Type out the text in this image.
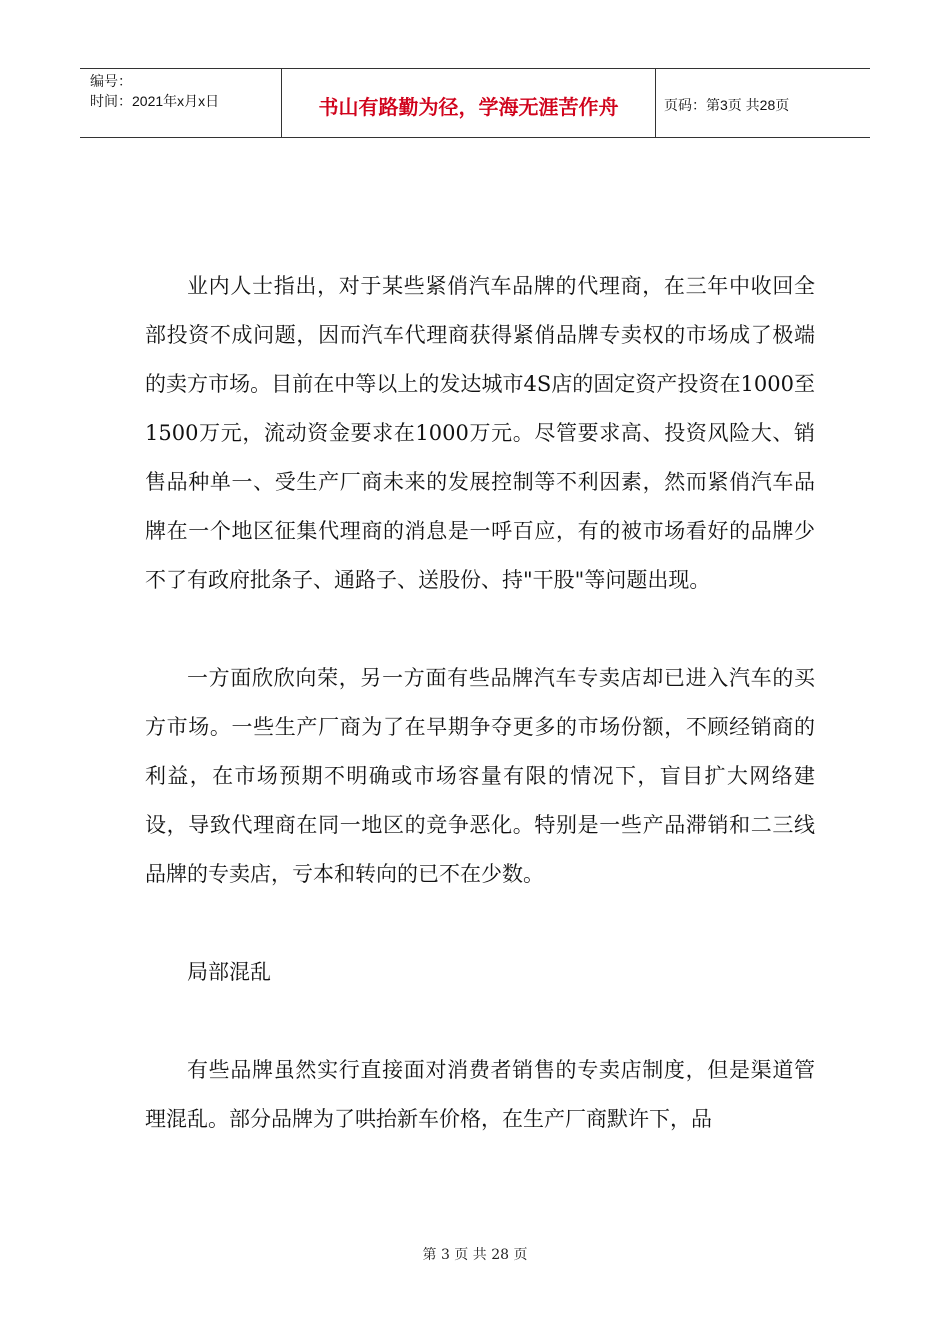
编号：
时间：2021年x月x日	书山有路勤为径，学海无涯苦作舟	页码：第3页 共28页

业内人士指出，对于某些紧俏汽车品牌的代理商，在三年中收回全部投资不成问题，因而汽车代理商获得紧俏品牌专卖权的市场成了极端的卖方市场。目前在中等以上的发达城市4S店的固定资产投资在1000至1500万元，流动资金要求在1000万元。尽管要求高、投资风险大、销售品种单一、受生产厂商未来的发展控制等不利因素，然而紧俏汽车品牌在一个地区征集代理商的消息是一呼百应，有的被市场看好的品牌少不了有政府批条子、通路子、送股份、持"干股"等问题出现。

一方面欣欣向荣，另一方面有些品牌汽车专卖店却已进入汽车的买方市场。一些生产厂商为了在早期争夺更多的市场份额，不顾经销商的利益，在市场预期不明确或市场容量有限的情况下，盲目扩大网络建设，导致代理商在同一地区的竞争恶化。特别是一些产品滞销和二三线品牌的专卖店，亏本和转向的已不在少数。

局部混乱

有些品牌虽然实行直接面对消费者销售的专卖店制度，但是渠道管理混乱。部分品牌为了哄抬新车价格，在生产厂商默许下，品

第 3 页 共 28 页
